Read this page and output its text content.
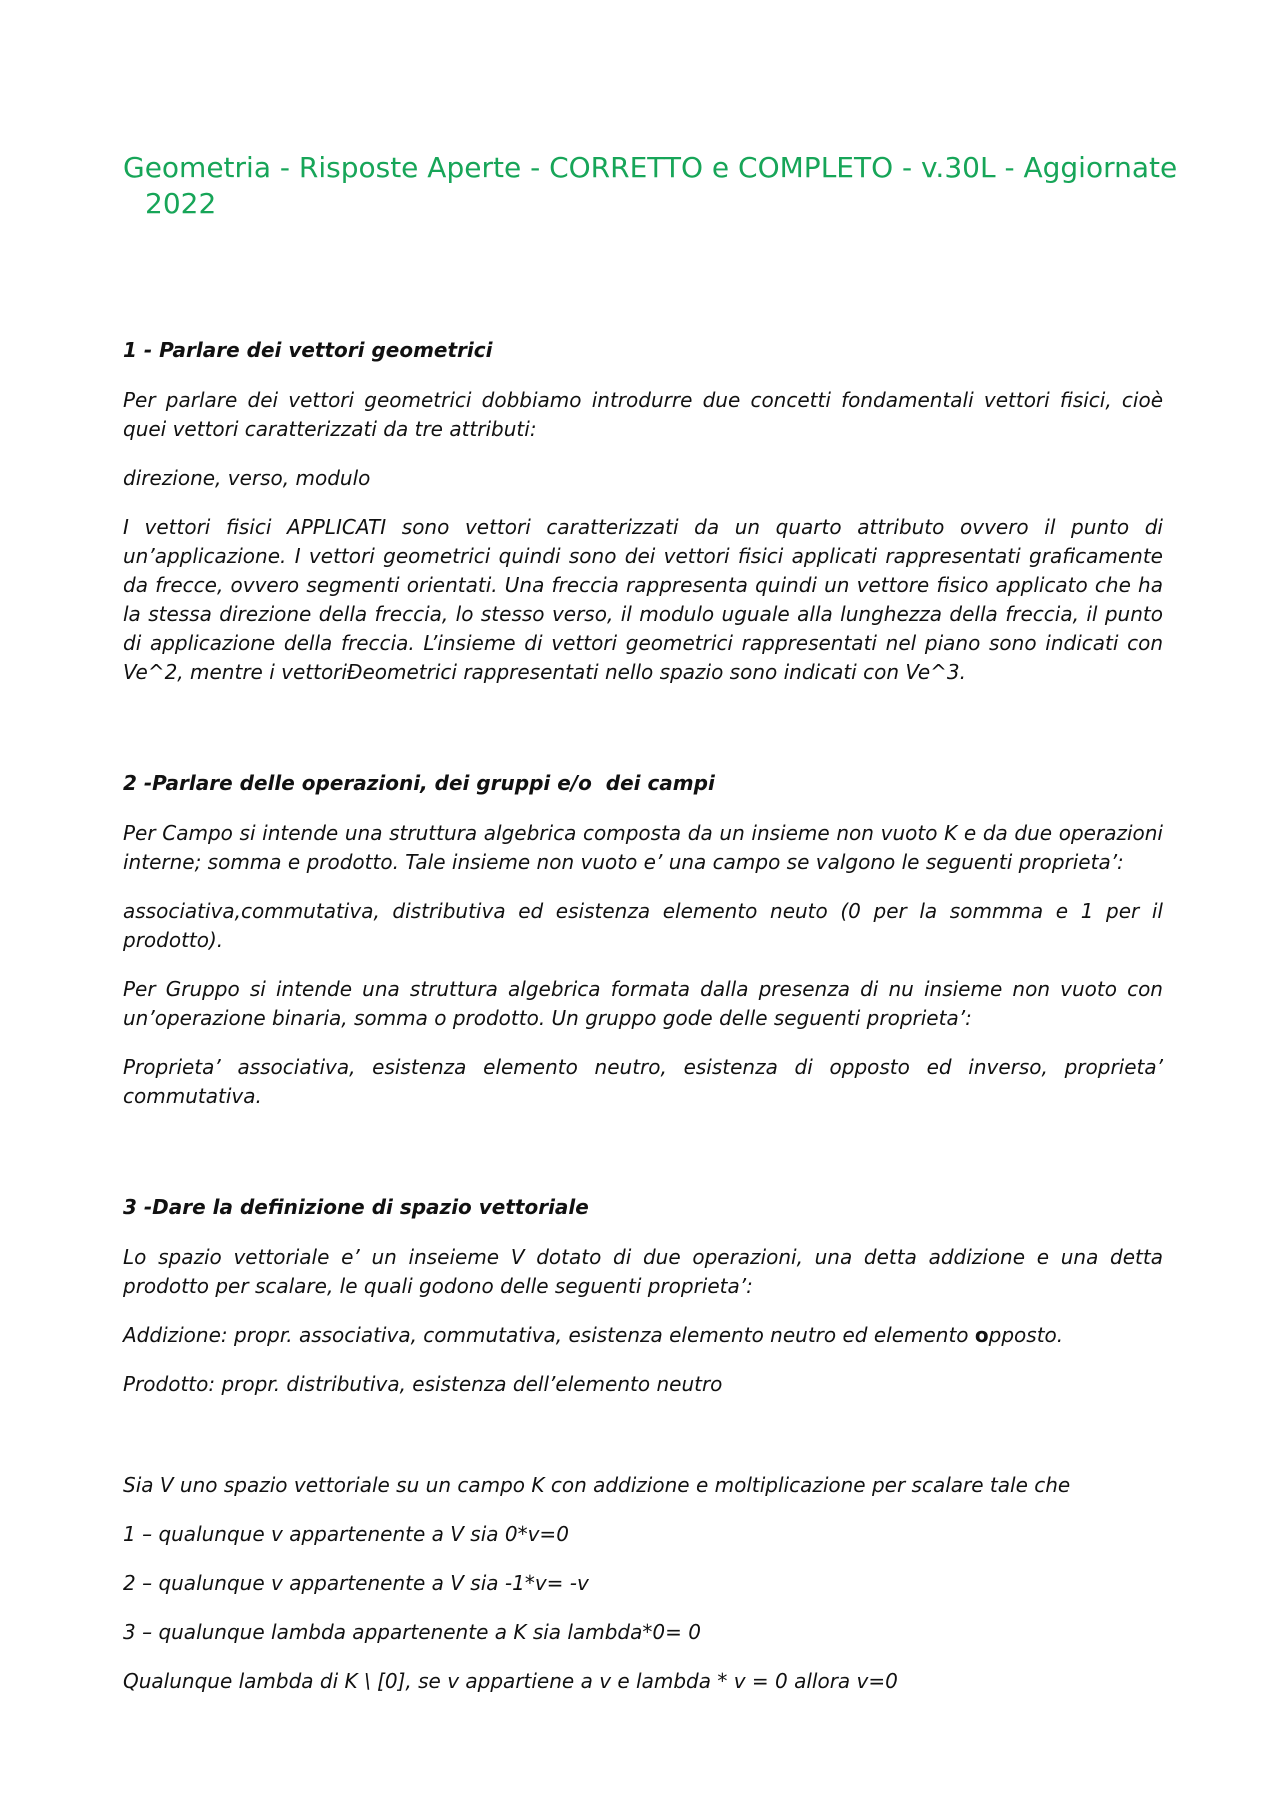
Geometria - Risposte Aperte - CORRETTO e COMPLETO - v.30L - Aggiornate
2022

1 - Parlare dei vettori geometrici

Per parlare dei vettori geometrici dobbiamo introdurre due concetti fondamentali vettori fisici, cioè quei vettori caratterizzati da tre attributi:

direzione, verso, modulo

I vettori fisici APPLICATI sono vettori caratterizzati da un quarto attributo ovvero il punto di un’applicazione. I vettori geometrici quindi sono dei vettori fisici applicati rappresentati graficamente da frecce, ovvero segmenti orientati. Una freccia rappresenta quindi un vettore fisico applicato che ha la stessa direzione della freccia, lo stesso verso, il modulo uguale alla lunghezza della freccia, il punto di applicazione della freccia. L’insieme di vettori geometrici rappresentati nel piano sono indicati con Ve^2, mentre i vettoriĐeometrici rappresentati nello spazio sono indicati con Ve^3.

2 -Parlare delle operazioni, dei gruppi e/o  dei campi

Per Campo si intende una struttura algebrica composta da un insieme non vuoto K e da due operazioni interne; somma e prodotto. Tale insieme non vuoto e’ una campo se valgono le seguenti proprieta’:

associativa,commutativa, distributiva ed esistenza elemento neuto (0 per la sommma e 1 per il prodotto).

Per Gruppo si intende una struttura algebrica formata dalla presenza di nu insieme non vuoto con un’operazione binaria, somma o prodotto. Un gruppo gode delle seguenti proprieta’:

Proprieta’ associativa, esistenza elemento neutro, esistenza di opposto ed inverso, proprieta’ commutativa.

3 -Dare la definizione di spazio vettoriale

Lo spazio vettoriale e’ un inseieme V dotato di due operazioni, una detta addizione e una detta prodotto per scalare, le quali godono delle seguenti proprieta’:

Addizione: propr. associativa, commutativa, esistenza elemento neutro ed elemento opposto.

Prodotto: propr. distributiva, esistenza dell’elemento neutro

Sia V uno spazio vettoriale su un campo K con addizione e moltiplicazione per scalare tale che

1 – qualunque v appartenente a V sia 0*v=0

2 – qualunque v appartenente a V sia -1*v= -v

3 – qualunque lambda appartenente a K sia lambda*0= 0

Qualunque lambda di K \ [0], se v appartiene a v e lambda * v = 0 allora v=0
